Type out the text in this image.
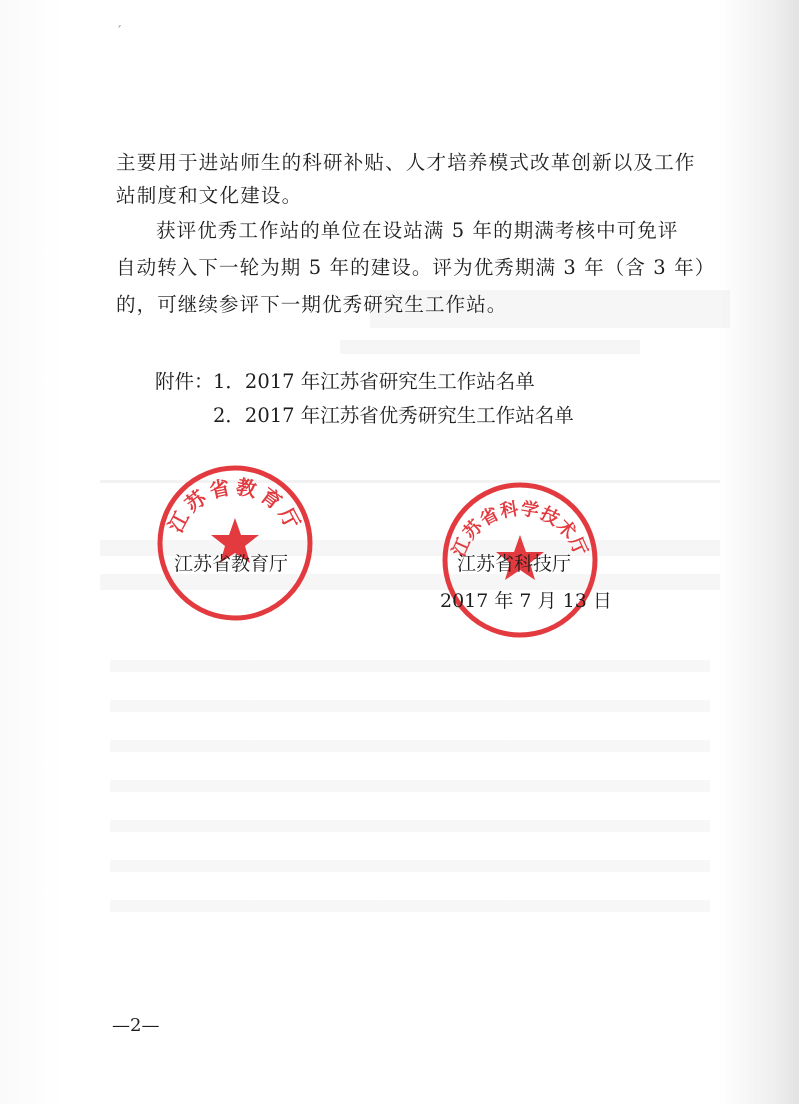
ˊ
主要用于进站师生的科研补贴、人才培养模式改革创新以及工作
站制度和文化建设。
获评优秀工作站的单位在设站满 5 年的期满考核中可免评
自动转入下一轮为期 5 年的建设。评为优秀期满 3 年（含 3 年）
的，可继续参评下一期优秀研究生工作站。
附件： 1．2017 年江苏省研究生工作站名单
2．2017 年江苏省优秀研究生工作站名单
江苏省教育厅
江苏省科学技术厅
江苏省教育厅	江苏省科技厅
2017 年 7 月 13 日
—2—
